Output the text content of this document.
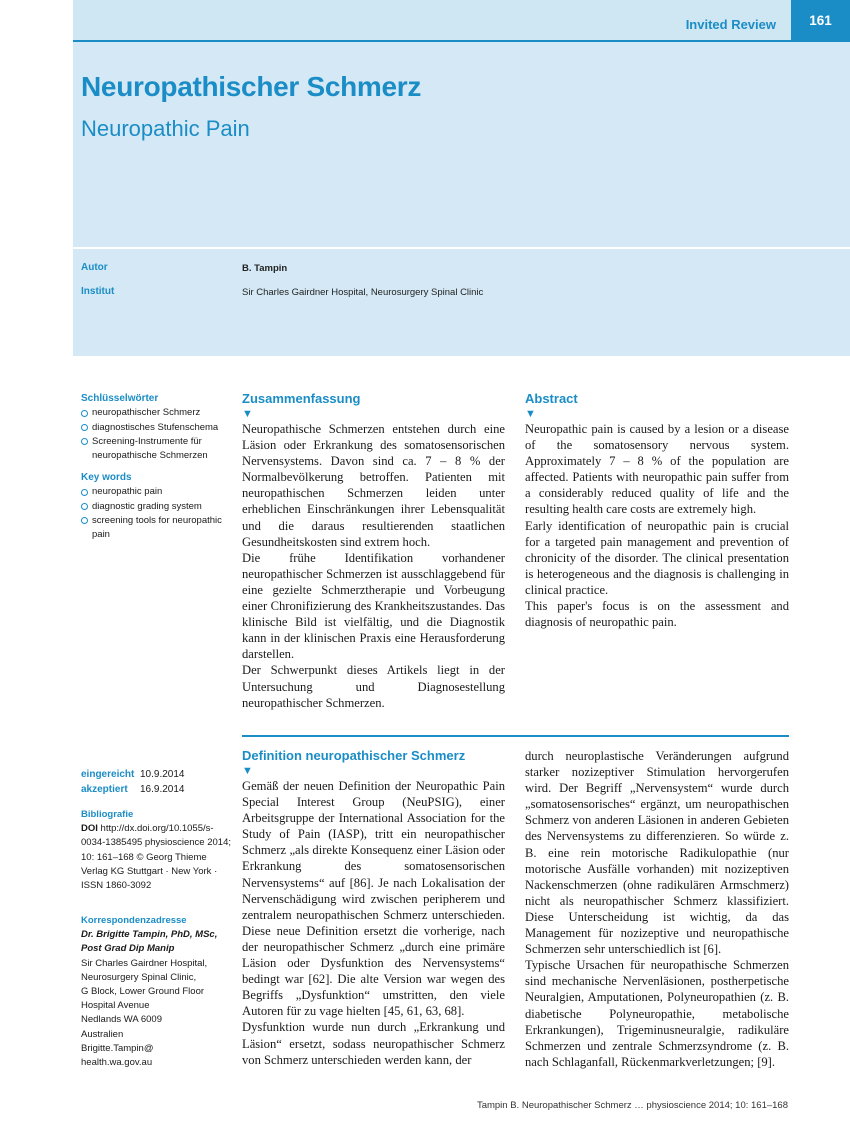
Invited Review	161
Neuropathischer Schmerz
Neuropathic Pain
Autor	B. Tampin
Institut	Sir Charles Gairdner Hospital, Neurosurgery Spinal Clinic

Schlüsselwörter

neuropathischer Schmerz
diagnostisches Stufenschema
Screening-Instrumente für neuropathische Schmerzen

Key words

neuropathic pain
diagnostic grading system
screening tools for neuropathic pain

Zusammenfassung

▼

Neuropathische Schmerzen entstehen durch eine Läsion oder Erkrankung des somatosensorischen Nervensystems. Davon sind ca. 7 – 8 % der Normalbevölkerung betroffen. Patienten mit neuropathischen Schmerzen leiden unter erheblichen Einschränkungen ihrer Lebensqualität und die daraus resultierenden staatlichen Gesundheitskosten sind extrem hoch.

Die frühe Identifikation vorhandener neuropathischer Schmerzen ist ausschlaggebend für eine gezielte Schmerztherapie und Vorbeugung einer Chronifizierung des Krankheitszustandes. Das klinische Bild ist vielfältig, und die Diagnostik kann in der klinischen Praxis eine Herausforderung darstellen.

Der Schwerpunkt dieses Artikels liegt in der Untersuchung und Diagnosestellung neuropathischer Schmerzen.

Abstract

▼

Neuropathic pain is caused by a lesion or a disease of the somatosensory nervous system. Approximately 7 – 8 % of the population are affected. Patients with neuropathic pain suffer from a considerably reduced quality of life and the resulting health care costs are extremely high.

Early identification of neuropathic pain is crucial for a targeted pain management and prevention of chronicity of the disorder. The clinical presentation is heterogeneous and the diagnosis is challenging in clinical practice.

This paper's focus is on the assessment and diagnosis of neuropathic pain.

eingereicht 10.9.2014
akzeptiert 16.9.2014
Bibliografie
DOI http://dx.doi.org/10.1055/s-0034-1385495 physioscience 2014; 10: 161–168 © Georg Thieme Verlag KG Stuttgart · New York · ISSN 1860-3092
Korrespondenzadresse
Dr. Brigitte Tampin, PhD, MSc, Post Grad Dip Manip
Sir Charles Gairdner Hospital,
Neurosurgery Spinal Clinic,
G Block, Lower Ground Floor
Hospital Avenue
Nedlands WA 6009
Australien
Brigitte.Tampin@
health.wa.gov.au

Definition neuropathischer Schmerz

▼

Gemäß der neuen Definition der Neuropathic Pain Special Interest Group (NeuPSIG), einer Arbeitsgruppe der International Association for the Study of Pain (IASP), tritt ein neuropathischer Schmerz „als direkte Konsequenz einer Läsion oder Erkrankung des somatosensorischen Nervensystems“ auf [86]. Je nach Lokalisation der Nervenschädigung wird zwischen peripherem und zentralem neuropathischen Schmerz unterschieden. Diese neue Definition ersetzt die vorherige, nach der neuropathischer Schmerz „durch eine primäre Läsion oder Dysfunktion des Nervensystems“ bedingt war [62]. Die alte Version war wegen des Begriffs „Dysfunktion“ umstritten, den viele Autoren für zu vage hielten [45, 61, 63, 68].

Dysfunktion wurde nun durch „Erkrankung und Läsion“ ersetzt, sodass neuropathischer Schmerz von Schmerz unterschieden werden kann, der

durch neuroplastische Veränderungen aufgrund starker nozizeptiver Stimulation hervorgerufen wird. Der Begriff „Nervensystem“ wurde durch „somatosensorisches“ ergänzt, um neuropathischen Schmerz von anderen Läsionen in anderen Gebieten des Nervensystems zu differenzieren. So würde z. B. eine rein motorische Radikulopathie (nur motorische Ausfälle vorhanden) mit nozizeptiven Nackenschmerzen (ohne radikulären Armschmerz) nicht als neuropathischer Schmerz klassifiziert. Diese Unterscheidung ist wichtig, da das Management für nozizeptive und neuropathische Schmerzen sehr unterschiedlich ist [6].

Typische Ursachen für neuropathische Schmerzen sind mechanische Nervenläsionen, postherpetische Neuralgien, Amputationen, Polyneuropathien (z. B. diabetische Polyneuropathie, metabolische Erkrankungen), Trigeminusneuralgie, radikuläre Schmerzen und zentrale Schmerzsyndrome (z. B. nach Schlaganfall, Rückenmarkverletzungen; [9].

Tampin B. Neuropathischer Schmerz … physioscience 2014; 10: 161–168
